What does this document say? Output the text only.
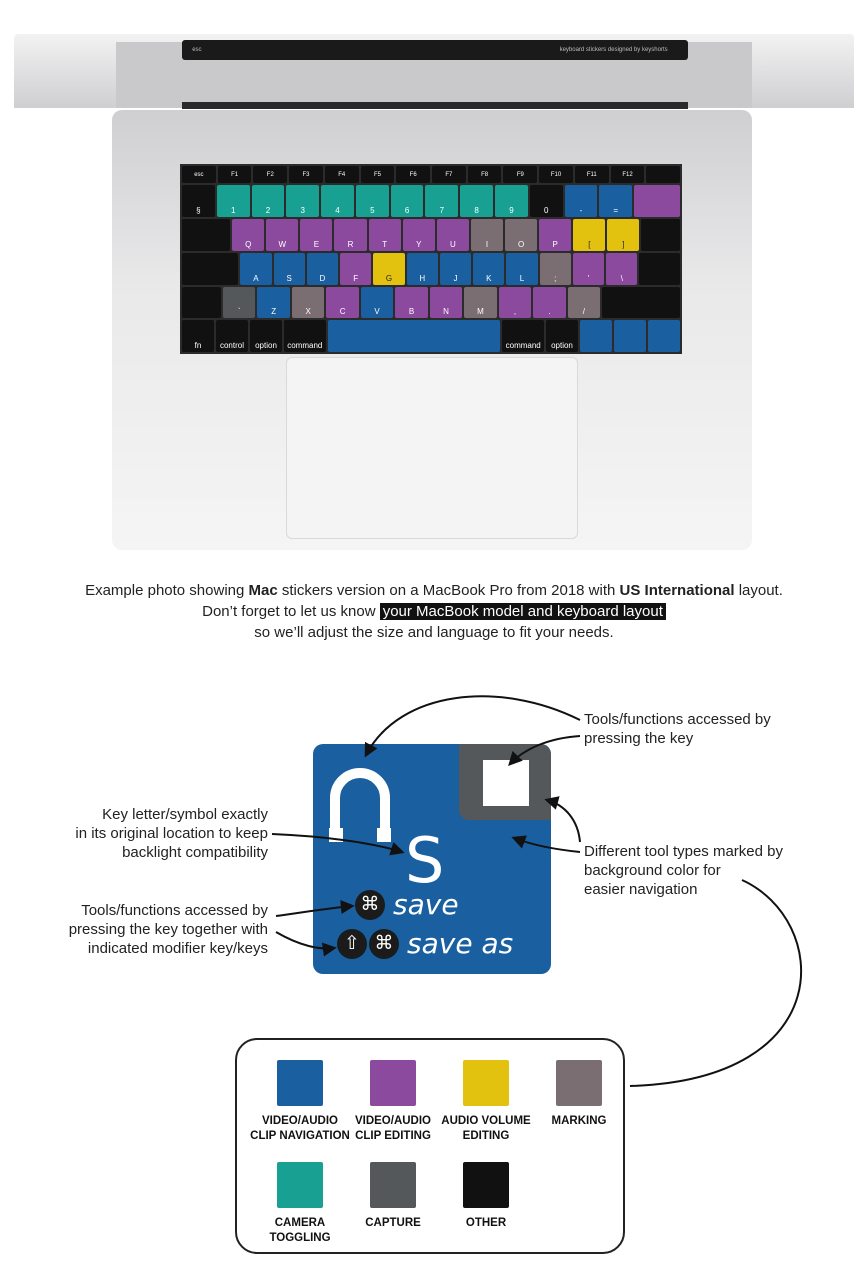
esc	keyboard stickers designed by keyshorts
esc	F1	F2	F3	F4	F5	F6	F7	F8	F9	F10	F11	F12
§	1	2	3	4	5	6	7	8	9	0	-	=
Q	W	E	R	T	Y	U	I	O	P	[	]
A	S	D	F	G	H	J	K	L	;	'	\
`	Z	X	C	V	B	N	M	,	.	/
fn	control	option	command	command	option
Example photo showing Mac stickers version on a MacBook Pro from 2018 with US International layout.
Don’t forget to let us know your MacBook model and keyboard layout
so we’ll adjust the size and language to fit your needs.
S
⌘ save
⇧ ⌘ save as
Tools/functions accessed by
pressing the key
Key letter/symbol exactly
in its original location to keep
backlight compatibility	Different tool types marked by
background color for
easier navigation
Tools/functions accessed by
pressing the key together with
indicated modifier key/keys
VIDEO/AUDIO
CLIP NAVIGATION
VIDEO/AUDIO
CLIP EDITING
AUDIO VOLUME
EDITING
MARKING
CAMERA
TOGGLING
CAPTURE	OTHER
